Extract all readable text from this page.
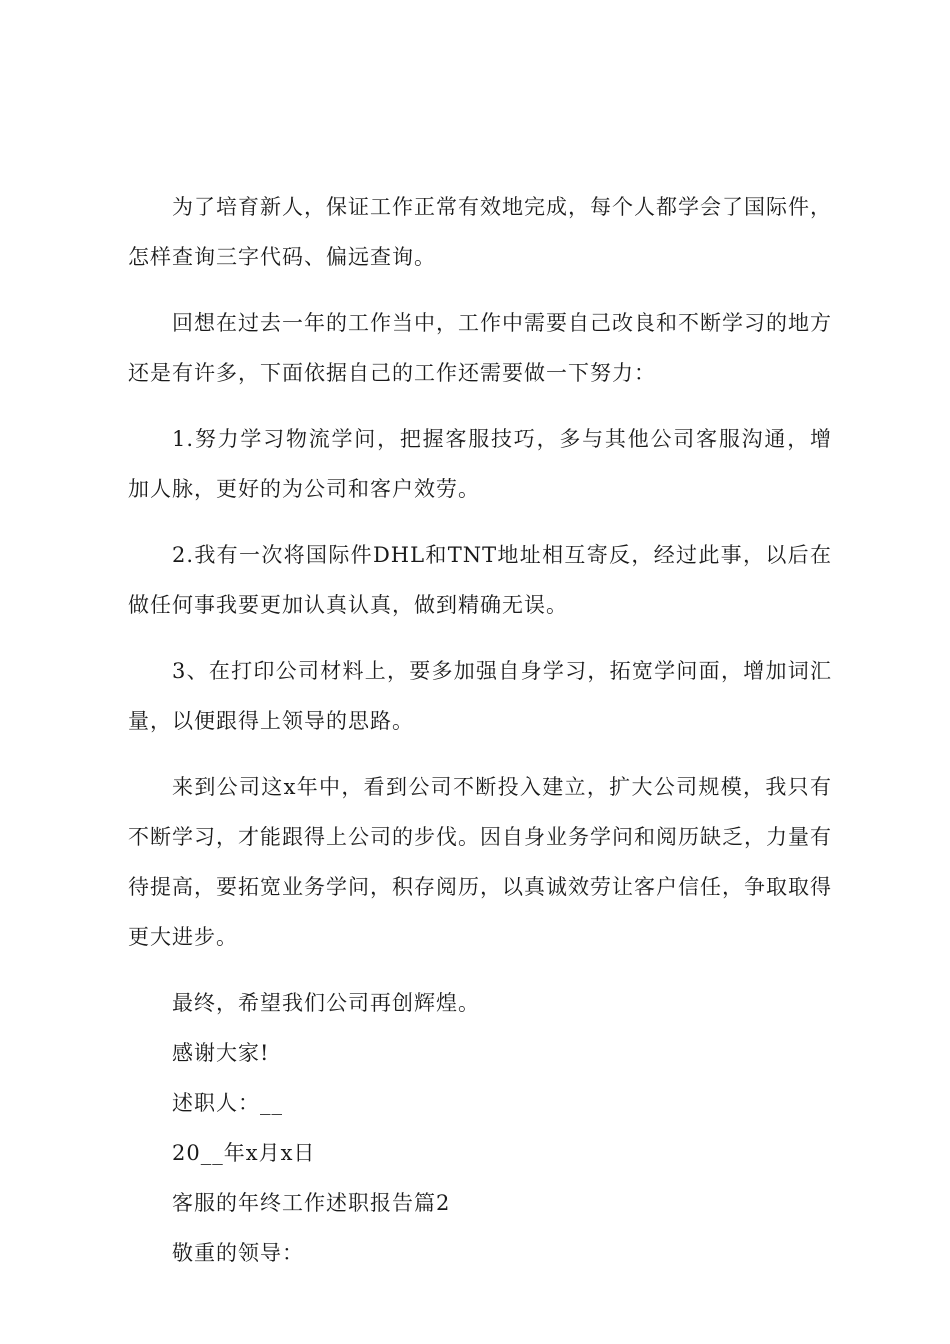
为了培育新人，保证工作正常有效地完成，每个人都学会了国际件，怎样查询三字代码、偏远查询。

回想在过去一年的工作当中，工作中需要自己改良和不断学习的地方还是有许多，下面依据自己的工作还需要做一下努力：

1.努力学习物流学问，把握客服技巧，多与其他公司客服沟通，增加人脉，更好的为公司和客户效劳。

2.我有一次将国际件DHL和TNT地址相互寄反，经过此事，以后在做任何事我要更加认真认真，做到精确无误。

3、在打印公司材料上，要多加强自身学习，拓宽学问面，增加词汇量，以便跟得上领导的思路。

来到公司这x年中，看到公司不断投入建立，扩大公司规模，我只有不断学习，才能跟得上公司的步伐。因自身业务学问和阅历缺乏，力量有待提高，要拓宽业务学问，积存阅历，以真诚效劳让客户信任，争取取得更大进步。

最终，希望我们公司再创辉煌。

感谢大家!

述职人：__

20__年x月x日

客服的年终工作述职报告篇2

敬重的领导：
